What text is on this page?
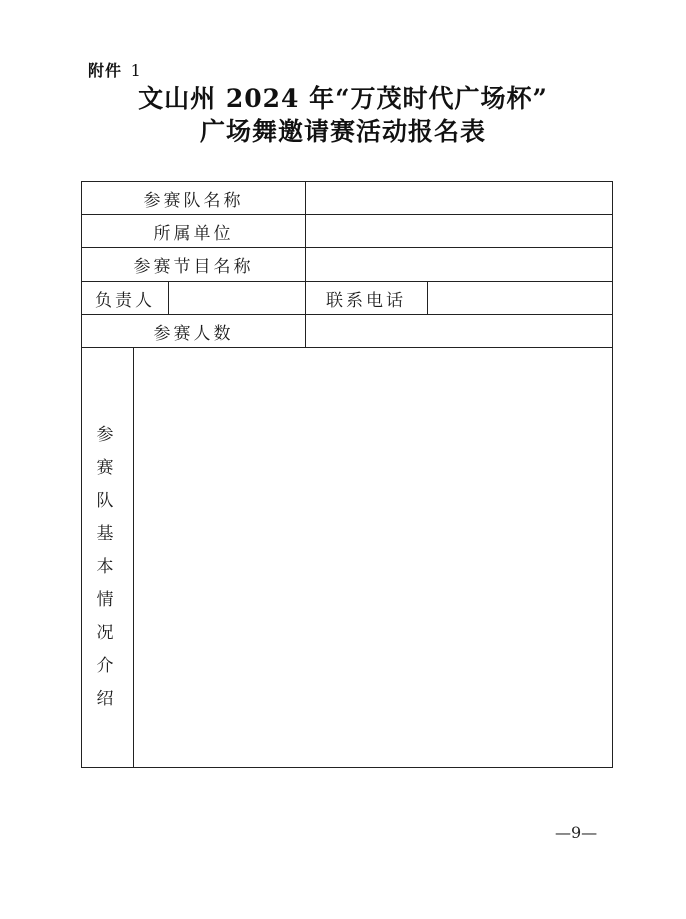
附件 1
文山州 2024 年“万茂时代广场杯”
广场舞邀请赛活动报名表
参赛队名称
所属单位
参赛节目名称
负责人	联系电话
参赛人数
参赛队基本情况介绍
—9—
